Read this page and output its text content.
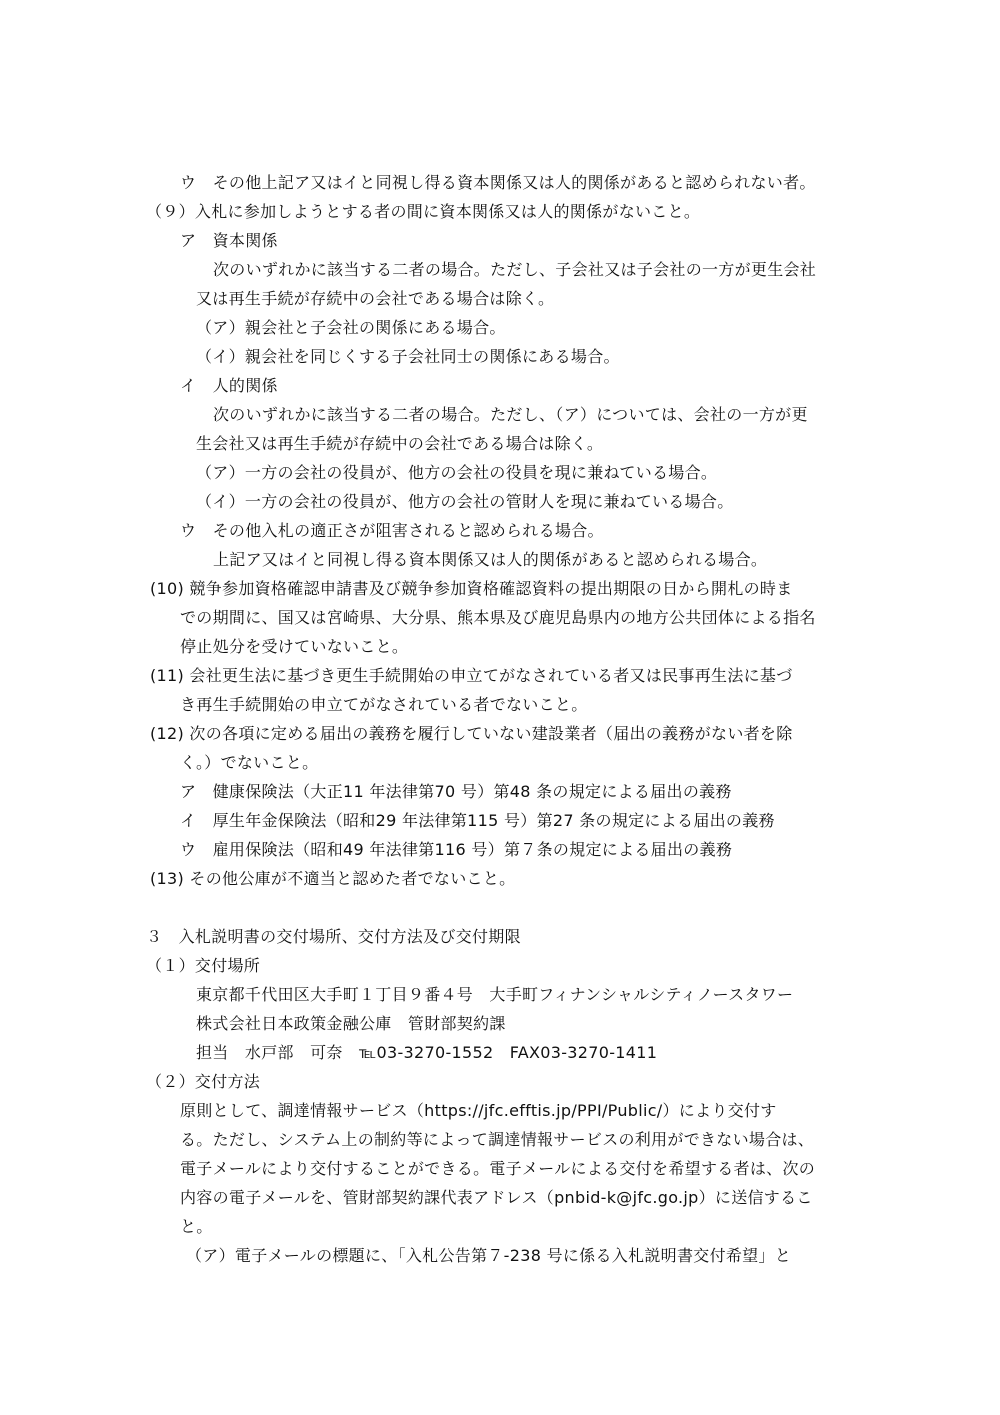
ウ　その他上記ア又はイと同視し得る資本関係又は人的関係があると認められない者。
（９）入札に参加しようとする者の間に資本関係又は人的関係がないこと。
ア　資本関係
次のいずれかに該当する二者の場合。ただし、子会社又は子会社の一方が更生会社
又は再生手続が存続中の会社である場合は除く。
（ア）親会社と子会社の関係にある場合。
（イ）親会社を同じくする子会社同士の関係にある場合。
イ　人的関係
次のいずれかに該当する二者の場合。ただし、（ア）については、会社の一方が更
生会社又は再生手続が存続中の会社である場合は除く。
（ア）一方の会社の役員が、他方の会社の役員を現に兼ねている場合。
（イ）一方の会社の役員が、他方の会社の管財人を現に兼ねている場合。
ウ　その他入札の適正さが阻害されると認められる場合。
上記ア又はイと同視し得る資本関係又は人的関係があると認められる場合。
(10) 競争参加資格確認申請書及び競争参加資格確認資料の提出期限の日から開札の時ま
での期間に、国又は宮崎県、大分県、熊本県及び鹿児島県内の地方公共団体による指名
停止処分を受けていないこと。
(11) 会社更生法に基づき更生手続開始の申立てがなされている者又は民事再生法に基づ
き再生手続開始の申立てがなされている者でないこと。
(12) 次の各項に定める届出の義務を履行していない建設業者（届出の義務がない者を除
く。）でないこと。
ア　健康保険法（大正11 年法律第70 号）第48 条の規定による届出の義務
イ　厚生年金保険法（昭和29 年法律第115 号）第27 条の規定による届出の義務
ウ　雇用保険法（昭和49 年法律第116 号）第７条の規定による届出の義務
(13) その他公庫が不適当と認めた者でないこと。
３　入札説明書の交付場所、交付方法及び交付期限
（１）交付場所
東京都千代田区大手町１丁目９番４号　大手町フィナンシャルシティノースタワー
株式会社日本政策金融公庫　管財部契約課
担当　水戸部　可奈　℡03-3270-1552　FAX03-3270-1411
（２）交付方法
原則として、調達情報サービス（https://jfc.efftis.jp/PPI/Public/）により交付す
る。ただし、システム上の制約等によって調達情報サービスの利用ができない場合は、
電子メールにより交付することができる。電子メールによる交付を希望する者は、次の
内容の電子メールを、管財部契約課代表アドレス（pnbid-k@jfc.go.jp）に送信するこ
と。
（ア）電子メールの標題に、「入札公告第７-238 号に係る入札説明書交付希望」と
